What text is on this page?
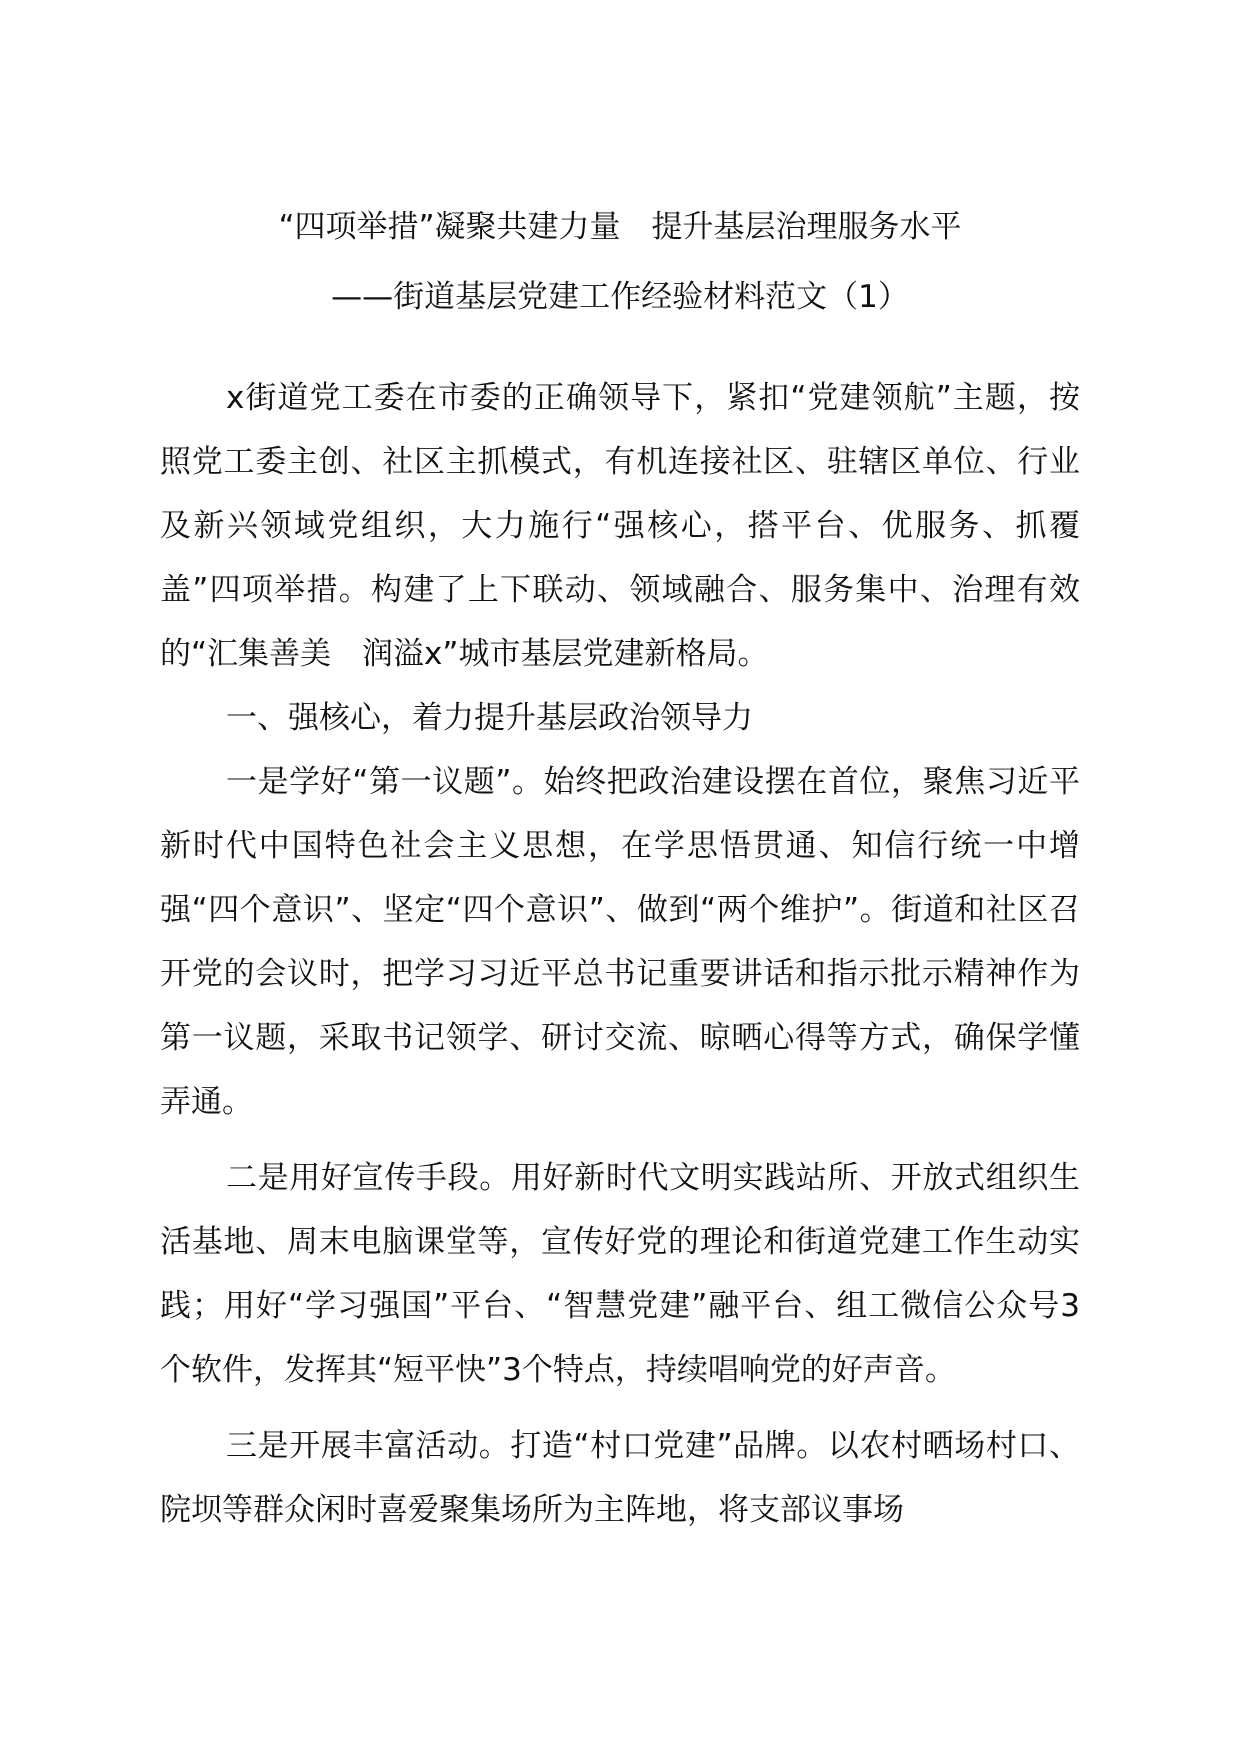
“四项举措”凝聚共建力量　提升基层治理服务水平
——街道基层党建工作经验材料范文（1）

x街道党工委在市委的正确领导下，紧扣“党建领航”主题，按照党工委主创、社区主抓模式，有机连接社区、驻辖区单位、行业及新兴领域党组织，大力施行“强核心，搭平台、优服务、抓覆盖”四项举措。构建了上下联动、领域融合、服务集中、治理有效的“汇集善美　润溢x”城市基层党建新格局。

一、强核心，着力提升基层政治领导力

一是学好“第一议题”。始终把政治建设摆在首位，聚焦习近平新时代中国特色社会主义思想，在学思悟贯通、知信行统一中增强“四个意识”、坚定“四个意识”、做到“两个维护”。街道和社区召开党的会议时，把学习习近平总书记重要讲话和指示批示精神作为第一议题，采取书记领学、研讨交流、晾晒心得等方式，确保学懂弄通。

二是用好宣传手段。用好新时代文明实践站所、开放式组织生活基地、周末电脑课堂等，宣传好党的理论和街道党建工作生动实践；用好“学习强国”平台、“智慧党建”融平台、组工微信公众号3个软件，发挥其“短平快”3个特点，持续唱响党的好声音。

三是开展丰富活动。打造“村口党建”品牌。以农村晒场村口、院坝等群众闲时喜爱聚集场所为主阵地，将支部议事场
